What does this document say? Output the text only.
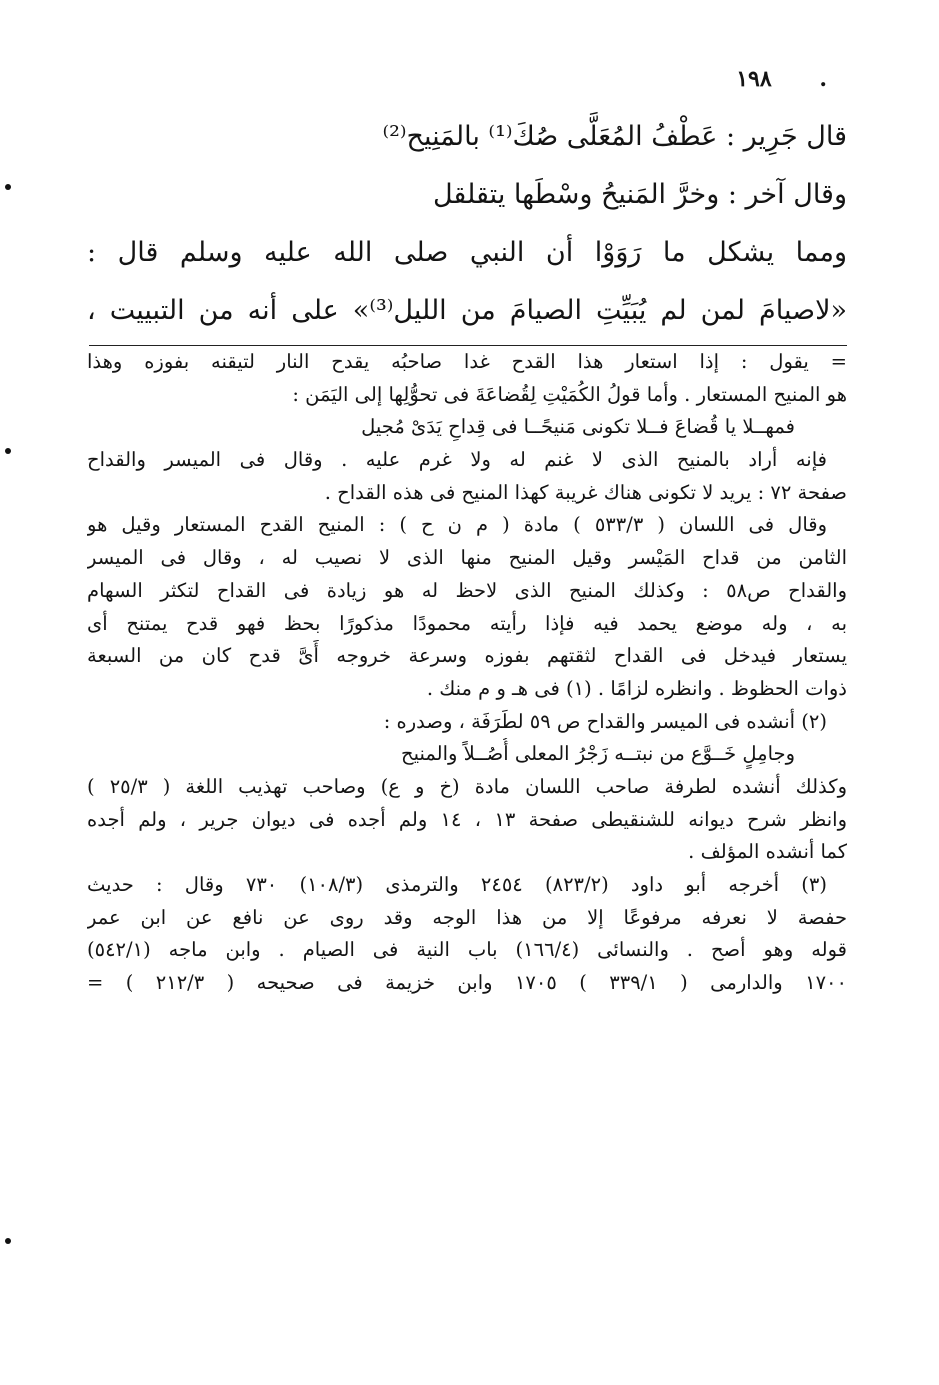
. ١٩٨
قال جَرِير : عَطْفُ المُعَلَّى صُكَ⁽¹⁾ بالمَنِيح⁽²⁾
وقال آخر : وخرَّ المَنيحُ وسْطَها يتقلقل
ومما يشكل ما رَوَوْا أن النبي صلى الله عليه وسلم قال :
«لاصيامَ لمن لم يُبَيِّتِ الصيامَ من الليل⁽³⁾» على أنه من التبييت ،
= يقول : إذا استعار هذا القدح غدا صاحبُه يقدح النار لتيقنه بفوزه وهذا
هو المنيح المستعار . وأما قولُ الكُمَيْتِ لِقُضاعَةَ فى تحوُّلِها إلى اليَمَن :
فمهــلا يا قُضاعَ فــلا تكونى مَنيحًــا فى قِداحِ يَدَىْ مُجيل
فإنه أراد بالمنيح الذى لا غنم له ولا غرم عليه . وقال فى الميسر والقداح
صفحة ٧٢ : يريد لا تكونى هناك غريبة كهذا المنيح فى هذه القداح .
وقال فى اللسان ( ٥٣٣/٣ ) مادة ( م ن ح ) : المنيح القدح المستعار وقيل هو
الثامن من قداح المَيْسر وقيل المنيح منها الذى لا نصيب له ، وقال فى الميسر
والقداح ص٥٨ : وكذلك المنيح الذى لاحظ له هو زيادة فى القداح لتكثر السهام
به ، وله موضع يحمد فيه فإذا رأيته محمودًا مذكورًا بحظ فهو قدح يمتنح أى
يستعار فيدخل فى القداح لثقتهم بفوزه وسرعة خروجه أَىَّ قدح كان من السبعة
ذوات الحظوظ . وانظره لزامًا . (١) فى هـ و م منك .
(٢) أنشده فى الميسر والقداح ص ٥٩ لطَرَفَة ، وصدره :
وجامِلٍ خَــوَّع من نبتــه زَجْرُ المعلى أُصُــلاً والمنيح
وكذلك أنشده لطرفة صاحب اللسان مادة (خ و ع) وصاحب تهذيب اللغة ( ٢٥/٣ )
وانظر شرح ديوانه للشنقيطى صفحة ١٣ ، ١٤ ولم أجده فى ديوان جرير ، ولم أجده
كما أنشده المؤلف .
(٣) أخرجه أبو داود (٨٢٣/٢) ٢٤٥٤ والترمذى (١٠٨/٣) ٧٣٠ وقال : حديث
حفصة لا نعرفه مرفوعًا إلا من هذا الوجه وقد روى عن نافع عن ابن عمر
قوله وهو أصح . والنسائى (١٦٦/٤) باب النية فى الصيام . وابن ماجه (٥٤٢/١)
١٧٠٠ والدارمى ( ٣٣٩/١ ) ١٧٠٥ وابن خزيمة فى صحيحه ( ٢١٢/٣ ) =
